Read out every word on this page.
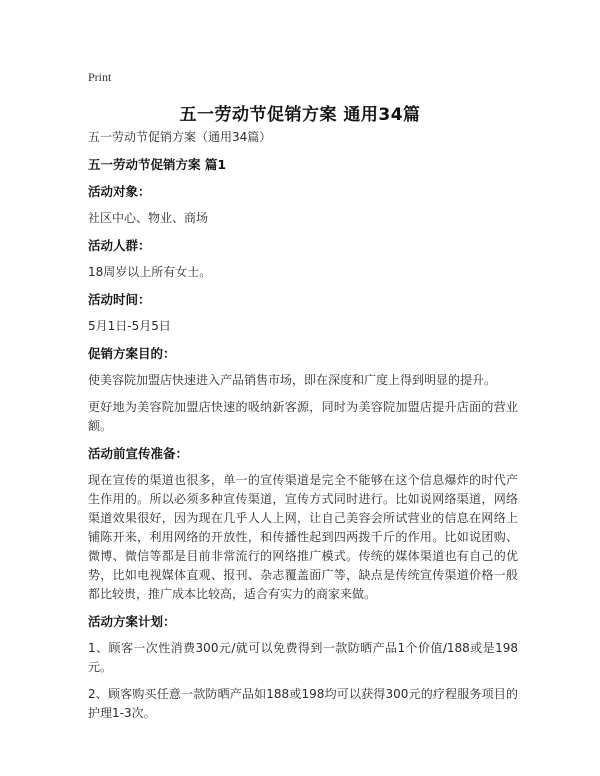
Print
五一劳动节促销方案 通用34篇

五一劳动节促销方案（通用34篇）

五一劳动节促销方案 篇1

活动对象：

社区中心、物业、商场

活动人群：

18周岁以上所有女士。

活动时间：

5月1日-5月5日

促销方案目的：

使美容院加盟店快速进入产品销售市场，即在深度和广度上得到明显的提升。

更好地为美容院加盟店快速的吸纳新客源，同时为美容院加盟店提升店面的营业额。

活动前宣传准备：

现在宣传的渠道也很多，单一的宣传渠道是完全不能够在这个信息爆炸的时代产生作用的。所以必须多种宣传渠道，宣传方式同时进行。比如说网络渠道，网络渠道效果很好，因为现在几乎人人上网，让自己美容会所试营业的信息在网络上铺陈开来，利用网络的开放性，和传播性起到四两拨千斤的作用。比如说团购、微博、微信等都是目前非常流行的网络推广模式。传统的媒体渠道也有自己的优势，比如电视媒体直观、报刊、杂志覆盖面广等，缺点是传统宣传渠道价格一般都比较贵，推广成本比较高，适合有实力的商家来做。

活动方案计划：

1、顾客一次性消费300元/就可以免费得到一款防晒产品1个价值/188或是198元。

2、顾客购买任意一款防晒产品如188或198均可以获得300元的疗程服务项目的护理1-3次。
